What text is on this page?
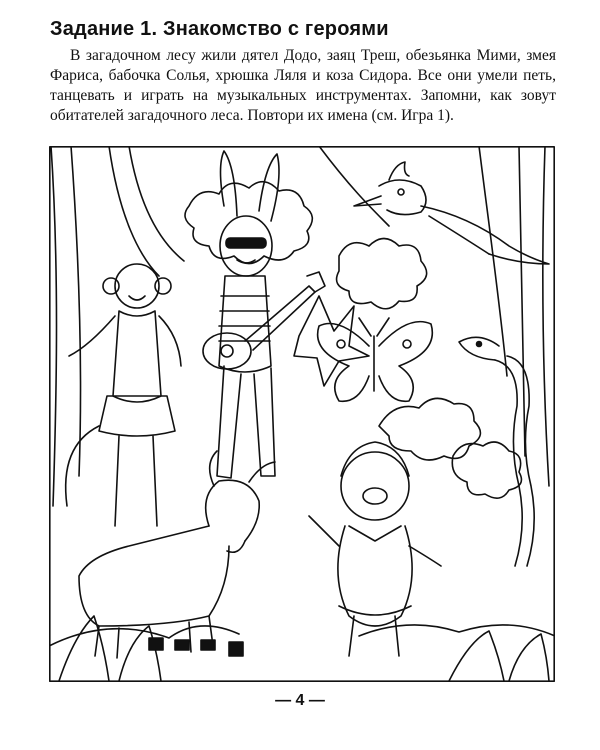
Задание 1. Знакомство с героями

В загадочном лесу жили дятел Додо, заяц Треш, обезьянка Мими, змея Фариса, бабочка Солья, хрюшка Ляля и коза Сидора. Все они умели петь, танцевать и играть на музыкальных инструментах. Запомни, как зовут обитателей загадочного леса. Повтори их имена (см. Игра 1).

— 4 —
